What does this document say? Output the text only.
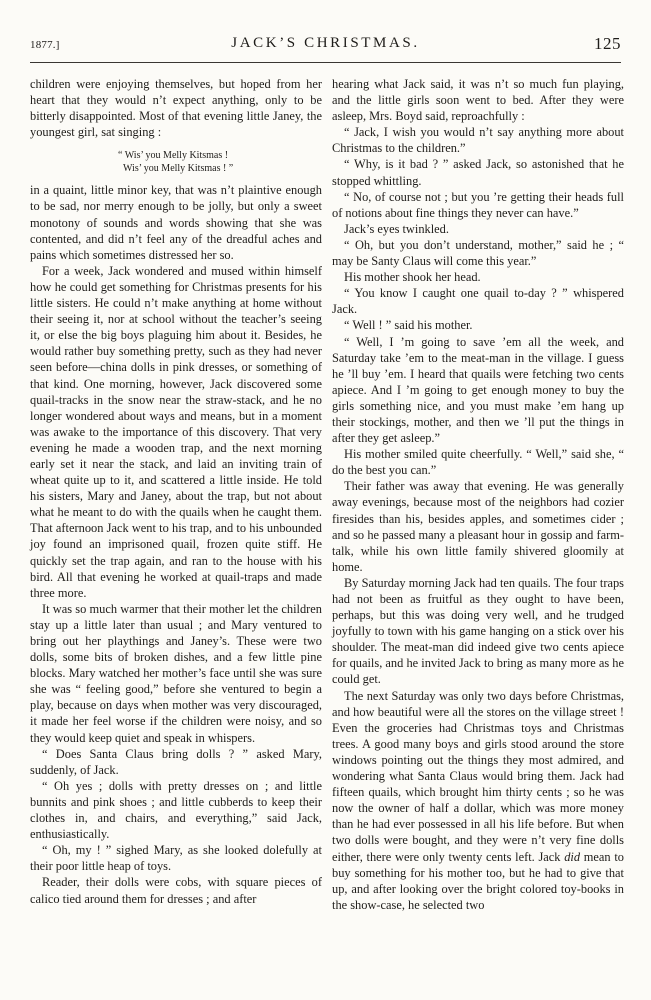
1877.]	JACK’S CHRISTMAS.	125

children were enjoying themselves, but hoped from her heart that they would n’t expect anything, only to be bitterly disappointed. Most of that evening little Janey, the youngest girl, sat singing :

“ Wis’ you Melly Kitsmas !
Wis’ you Melly Kitsmas ! ”

in a quaint, little minor key, that was n’t plaintive enough to be sad, nor merry enough to be jolly, but only a sweet monotony of sounds and words showing that she was contented, and did n’t feel any of the dreadful aches and pains which sometimes distressed her so.

For a week, Jack wondered and mused within himself how he could get something for Christmas presents for his little sisters. He could n’t make anything at home without their seeing it, nor at school without the teacher’s seeing it, or else the big boys plaguing him about it. Besides, he would rather buy something pretty, such as they had never seen before—china dolls in pink dresses, or something of that kind. One morning, however, Jack discovered some quail-tracks in the snow near the straw-stack, and he no longer wondered about ways and means, but in a moment was awake to the importance of this discovery. That very evening he made a wooden trap, and the next morning early set it near the stack, and laid an inviting train of wheat quite up to it, and scattered a little inside. He told his sisters, Mary and Janey, about the trap, but not about what he meant to do with the quails when he caught them. That afternoon Jack went to his trap, and to his unbounded joy found an imprisoned quail, frozen quite stiff. He quickly set the trap again, and ran to the house with his bird. All that evening he worked at quail-traps and made three more.

It was so much warmer that their mother let the children stay up a little later than usual ; and Mary ventured to bring out her playthings and Janey’s. These were two dolls, some bits of broken dishes, and a few little pine blocks. Mary watched her mother’s face until she was sure she was “ feeling good,” before she ventured to begin a play, because on days when mother was very discouraged, it made her feel worse if the children were noisy, and so they would keep quiet and speak in whispers.

“ Does Santa Claus bring dolls ? ” asked Mary, suddenly, of Jack.

“ Oh yes ; dolls with pretty dresses on ; and little bunnits and pink shoes ; and little cubberds to keep their clothes in, and chairs, and everything,” said Jack, enthusiastically.

“ Oh, my ! ” sighed Mary, as she looked dolefully at their poor little heap of toys.

Reader, their dolls were cobs, with square pieces of calico tied around them for dresses ; and after

hearing what Jack said, it was n’t so much fun playing, and the little girls soon went to bed. After they were asleep, Mrs. Boyd said, reproachfully :

“ Jack, I wish you would n’t say anything more about Christmas to the children.”

“ Why, is it bad ? ” asked Jack, so astonished that he stopped whittling.

“ No, of course not ; but you ’re getting their heads full of notions about fine things they never can have.”

Jack’s eyes twinkled.

“ Oh, but you don’t understand, mother,” said he ; “ may be Santy Claus will come this year.”

His mother shook her head.

“ You know I caught one quail to-day ? ” whispered Jack.

“ Well ! ” said his mother.

“ Well, I ’m going to save ’em all the week, and Saturday take ’em to the meat-man in the village. I guess he ’ll buy ’em. I heard that quails were fetching two cents apiece. And I ’m going to get enough money to buy the girls something nice, and you must make ’em hang up their stockings, mother, and then we ’ll put the things in after they get asleep.”

His mother smiled quite cheerfully. “ Well,” said she, “ do the best you can.”

Their father was away that evening. He was generally away evenings, because most of the neighbors had cozier firesides than his, besides apples, and sometimes cider ; and so he passed many a pleasant hour in gossip and farm-talk, while his own little family shivered gloomily at home.

By Saturday morning Jack had ten quails. The four traps had not been as fruitful as they ought to have been, perhaps, but this was doing very well, and he trudged joyfully to town with his game hanging on a stick over his shoulder. The meat-man did indeed give two cents apiece for quails, and he invited Jack to bring as many more as he could get.

The next Saturday was only two days before Christmas, and how beautiful were all the stores on the village street ! Even the groceries had Christmas toys and Christmas trees. A good many boys and girls stood around the store windows pointing out the things they most admired, and wondering what Santa Claus would bring them. Jack had fifteen quails, which brought him thirty cents ; so he was now the owner of half a dollar, which was more money than he had ever possessed in all his life before. But when two dolls were bought, and they were n’t very fine dolls either, there were only twenty cents left. Jack did mean to buy something for his mother too, but he had to give that up, and after looking over the bright colored toy-books in the show-case, he selected two
